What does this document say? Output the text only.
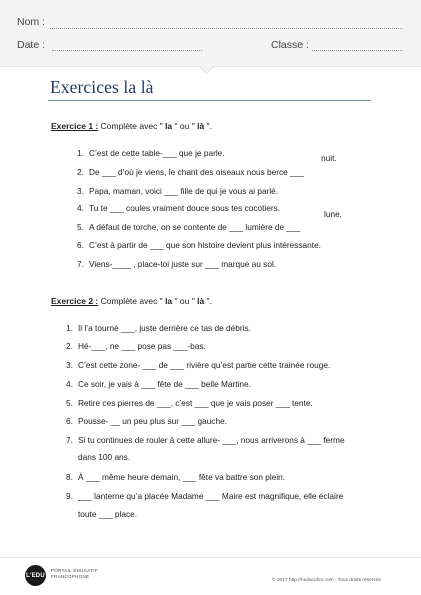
Nom :
Date :	Classe :
Exercices la là
Exercice 1 : Complète avec " la " ou " là ".
1. C’est de cette table-___ que je parle.
2. De ___ d’où je viens, le chant des oiseaux nous berce ___
3. Papa, maman, voici ___ fille de qui je vous ai parlé.
4. Tu te ___ coules vraiment douce sous tes cocotiers.
5. A défaut de torche, on se contente de ___ lumière de ___
6. C’est à partir de ___ que son histoire devient plus intéressante.
7. Viens-____ , place-toi juste sur ___ marque au sol.
nuit.
lune.
Exercice 2 : Complète avec " la " ou " là ".
1. Il l’a tourné ___, juste derrière ce tas de débris.
2. Hé-___, ne ___ pose pas ___-bas.
3. C’est cette zone- ___ de ___ rivière qu’est partie cette trainée rouge.
4. Ce soir, je vais à ___ fête de ___ belle Martine.
5. Retire ces pierres de ___, c’est ___ que je vais poser ___ tente.
6. Pousse- __ un peu plus sur ___ gauche.
7. Si tu continues de rouler à cette allure- ___, nous arriverons à ___ ferme
dans 100 ans.
8. À ___ même heure demain, ___ fête va battre son plein.
9. ___ lanterne qu’a placée Madame ___ Maire est magnifique, elle éclaire
toute ___ place.
L'EDU
PORTAIL ÉDUCATIF
FRANCOPHONE
© 2017 http://l-educofon.com - Tous droits réservés
